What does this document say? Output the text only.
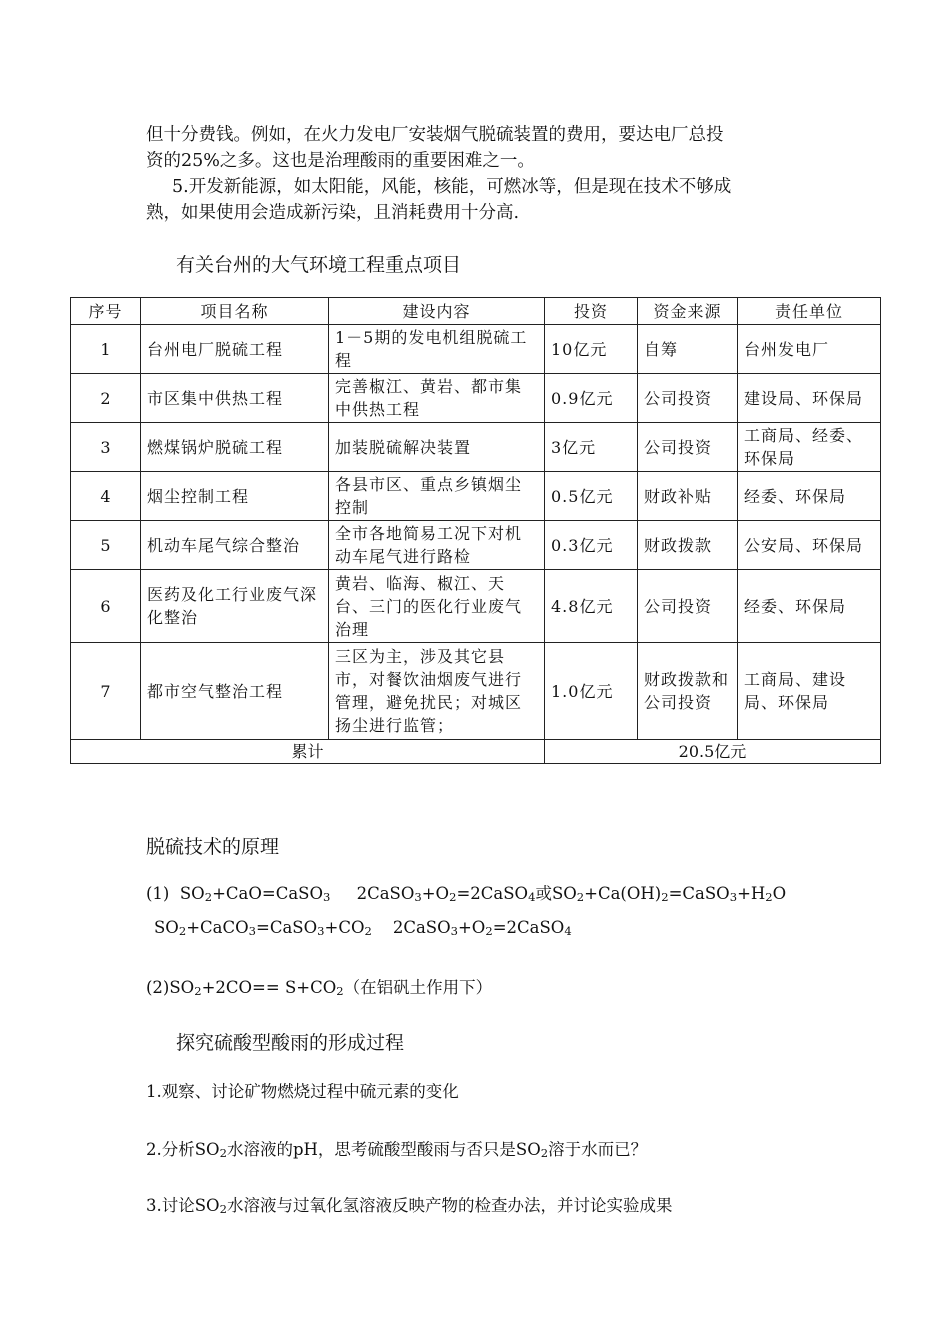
但十分费钱。例如，在火力发电厂安装烟气脱硫装置的费用，要达电厂总投

资的25%之多。这也是治理酸雨的重要困难之一。

5.开发新能源，如太阳能，风能，核能，可燃冰等，但是现在技术不够成

熟，如果使用会造成新污染，且消耗费用十分高.

有关台州的大气环境工程重点项目
序号	项目名称	建设内容	投资	资金来源	责任单位
1	台州电厂脱硫工程	1－5期的发电机组脱硫工程	10亿元	自筹	台州发电厂
2	市区集中供热工程	完善椒江、黄岩、都市集中供热工程	0.9亿元	公司投资	建设局、环保局
3	燃煤锅炉脱硫工程	加装脱硫解决装置	3亿元	公司投资	工商局、经委、环保局
4	烟尘控制工程	各县市区、重点乡镇烟尘控制	0.5亿元	财政补贴	经委、环保局
5	机动车尾气综合整治	全市各地简易工况下对机动车尾气进行路检	0.3亿元	财政拨款	公安局、环保局
6	医药及化工行业废气深化整治	黄岩、临海、椒江、天台、三门的医化行业废气治理	4.8亿元	公司投资	经委、环保局
7	都市空气整治工程	三区为主，涉及其它县市，对餐饮油烟废气进行管理，避免扰民；对城区扬尘进行监管；	1.0亿元	财政拨款和公司投资	工商局、建设局、环保局
累计			20.5亿元		
脱硫技术的原理

(1)  $SO_2+CaO=CaSO_3$     $2CaSO_3+O_2=2CaSO_4$或$SO_2+Ca(OH)_2=CaSO_3+H_2O$

$SO_2+CaCO_3=CaSO_3+CO_2$    $2CaSO_3+O_2=2CaSO_4$

$(2)SO_2+2CO== S+CO_2$（在铝矾土作用下）

探究硫酸型酸雨的形成过程

1.观察、讨论矿物燃烧过程中硫元素的变化

2.分析$SO_2$水溶液的pH，思考硫酸型酸雨与否只是$SO_2$溶于水而已？

3.讨论$SO_2$水溶液与过氧化氢溶液反映产物的检查办法，并讨论实验成果
